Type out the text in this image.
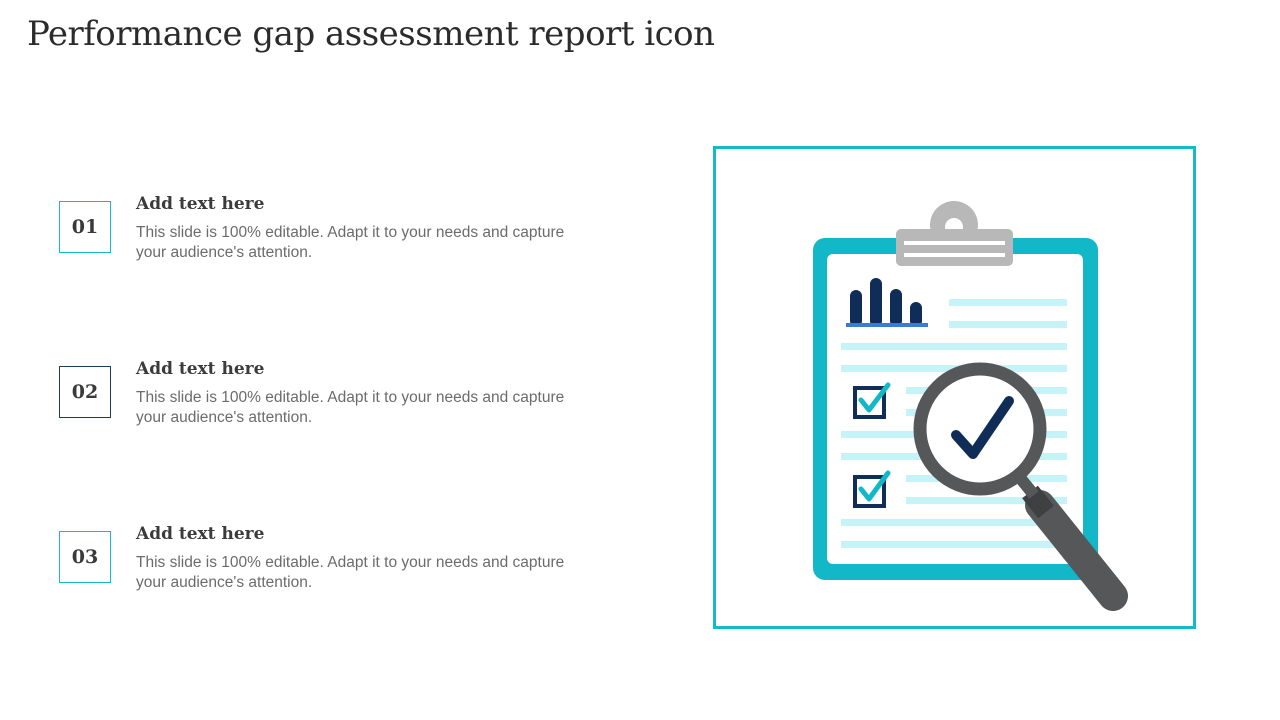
Performance gap assessment report icon
01
Add text here
This slide is 100% editable. Adapt it to your needs and capture your audience's attention.
02
Add text here
This slide is 100% editable. Adapt it to your needs and capture your audience's attention.
03
Add text here
This slide is 100% editable. Adapt it to your needs and capture your audience's attention.
